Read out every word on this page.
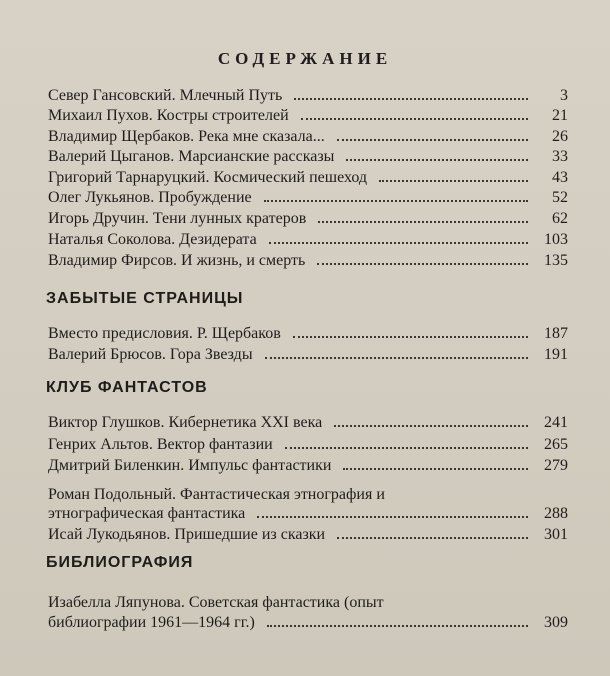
СОДЕРЖАНИЕ
Север Гансовский. Млечный Путь	3
Михаил Пухов. Костры строителей	21
Владимир Щербаков. Река мне сказала...	26
Валерий Цыганов. Марсианские рассказы	33
Григорий Тарнаруцкий. Космический пешеход	43
Олег Лукьянов. Пробуждение	52
Игорь Дручин. Тени лунных кратеров	62
Наталья Соколова. Дезидерата	103
Владимир Фирсов. И жизнь, и смерть	135
ЗАБЫТЫЕ СТРАНИЦЫ
Вместо предисловия. Р. Щербаков	187
Валерий Брюсов. Гора Звезды	191
КЛУБ ФАНТАСТОВ
Виктор Глушков. Кибернетика XXI века	241
Генрих Альтов. Вектор фантазии	265
Дмитрий Биленкин. Импульс фантастики	279
Роман Подольный. Фантастическая этнография и
этнографическая фантастика	288
Исай Лукодьянов. Пришедшие из сказки	301
БИБЛИОГРАФИЯ
Изабелла Ляпунова. Советская фантастика (опыт
библиографии 1961—1964 гг.)	309
